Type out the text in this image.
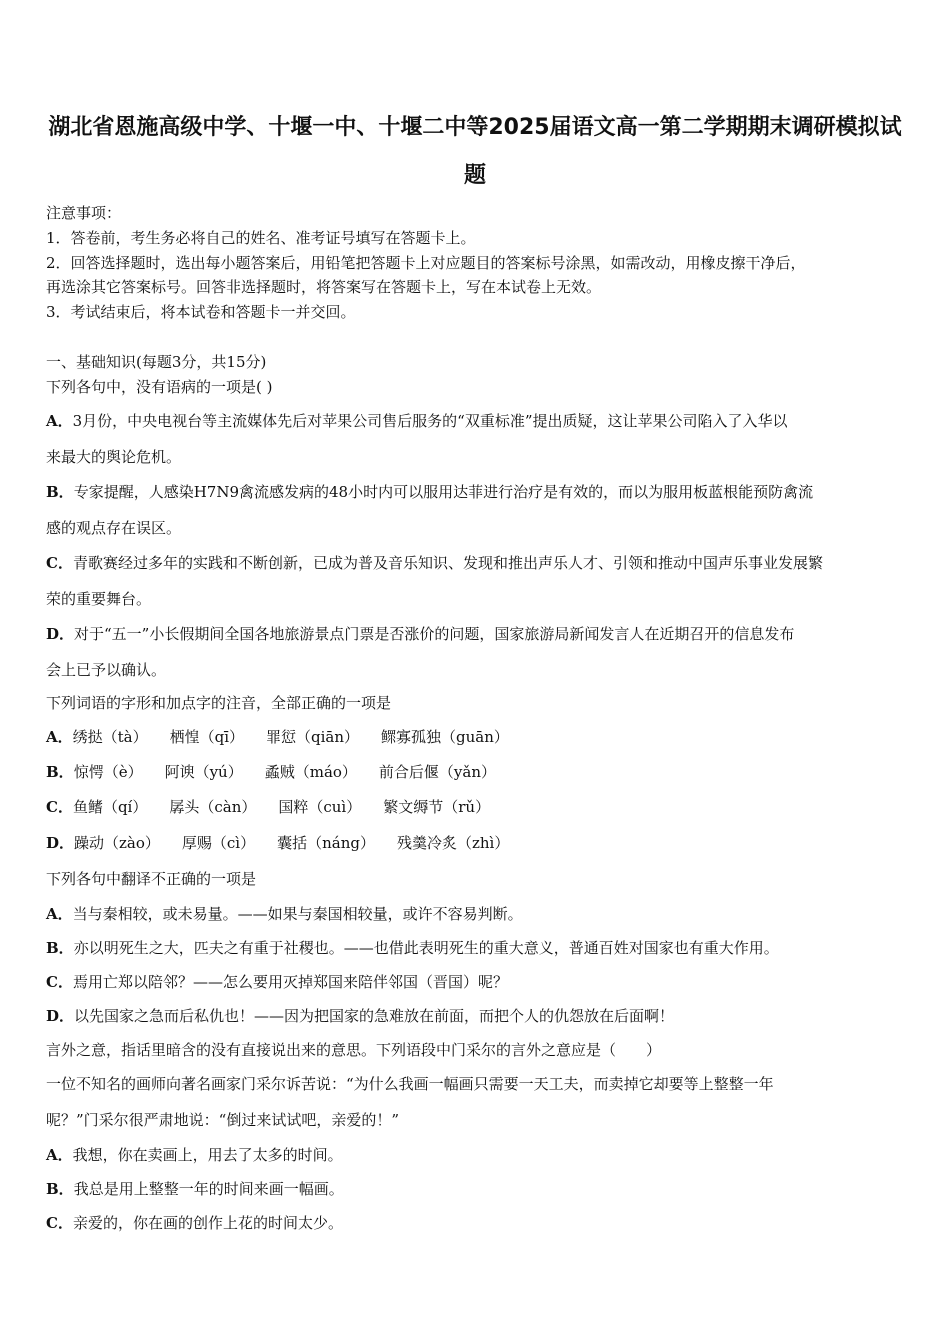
湖北省恩施高级中学、十堰一中、十堰二中等2025届语文高一第二学期期末调研模拟试题
注意事项：
1．答卷前，考生务必将自己的姓名、准考证号填写在答题卡上。
2．回答选择题时，选出每小题答案后，用铅笔把答题卡上对应题目的答案标号涂黑，如需改动，用橡皮擦干净后，
再选涂其它答案标号。回答非选择题时，将答案写在答题卡上，写在本试卷上无效。
3．考试结束后，将本试卷和答题卡一并交回。
一、基础知识(每题3分，共15分)
下列各句中，没有语病的一项是( )
A．3月份，中央电视台等主流媒体先后对苹果公司售后服务的“双重标准”提出质疑，这让苹果公司陷入了入华以
来最大的舆论危机。
B．专家提醒，人感染H7N9禽流感发病的48小时内可以服用达菲进行治疗是有效的，而以为服用板蓝根能预防禽流
感的观点存在误区。
C．青歌赛经过多年的实践和不断创新，已成为普及音乐知识、发现和推出声乐人才、引领和推动中国声乐事业发展繁
荣的重要舞台。
D．对于“五一”小长假期间全国各地旅游景点门票是否涨价的问题，国家旅游局新闻发言人在近期召开的信息发布
会上已予以确认。
下列词语的字形和加点字的注音，全部正确的一项是
A．绣挞（tà） 栖惶（qī） 罪愆（qiān） 鳏寡孤独（guān）
B．惊愕（è） 阿谀（yú） 蟊贼（máo） 前合后偃（yǎn）
C．鱼鳍（qí） 孱头（càn） 国粹（cuì） 繁文缛节（rǔ）
D．躁动（zào） 厚赐（cì） 囊括（náng） 残羹冷炙（zhì）
下列各句中翻译不正确的一项是
A．当与秦相较，或未易量。——如果与秦国相较量，或许不容易判断。
B．亦以明死生之大，匹夫之有重于社稷也。——也借此表明死生的重大意义，普通百姓对国家也有重大作用。
C．焉用亡郑以陪邻？——怎么要用灭掉郑国来陪伴邻国（晋国）呢？
D．以先国家之急而后私仇也！——因为把国家的急难放在前面，而把个人的仇怨放在后面啊！
言外之意，指话里暗含的没有直接说出来的意思。下列语段中门采尔的言外之意应是（　　）
一位不知名的画师向著名画家门采尔诉苦说：“为什么我画一幅画只需要一天工夫，而卖掉它却要等上整整一年
呢？”门采尔很严肃地说：“倒过来试试吧，亲爱的！”
A．我想，你在卖画上，用去了太多的时间。
B．我总是用上整整一年的时间来画一幅画。
C．亲爱的，你在画的创作上花的时间太少。
